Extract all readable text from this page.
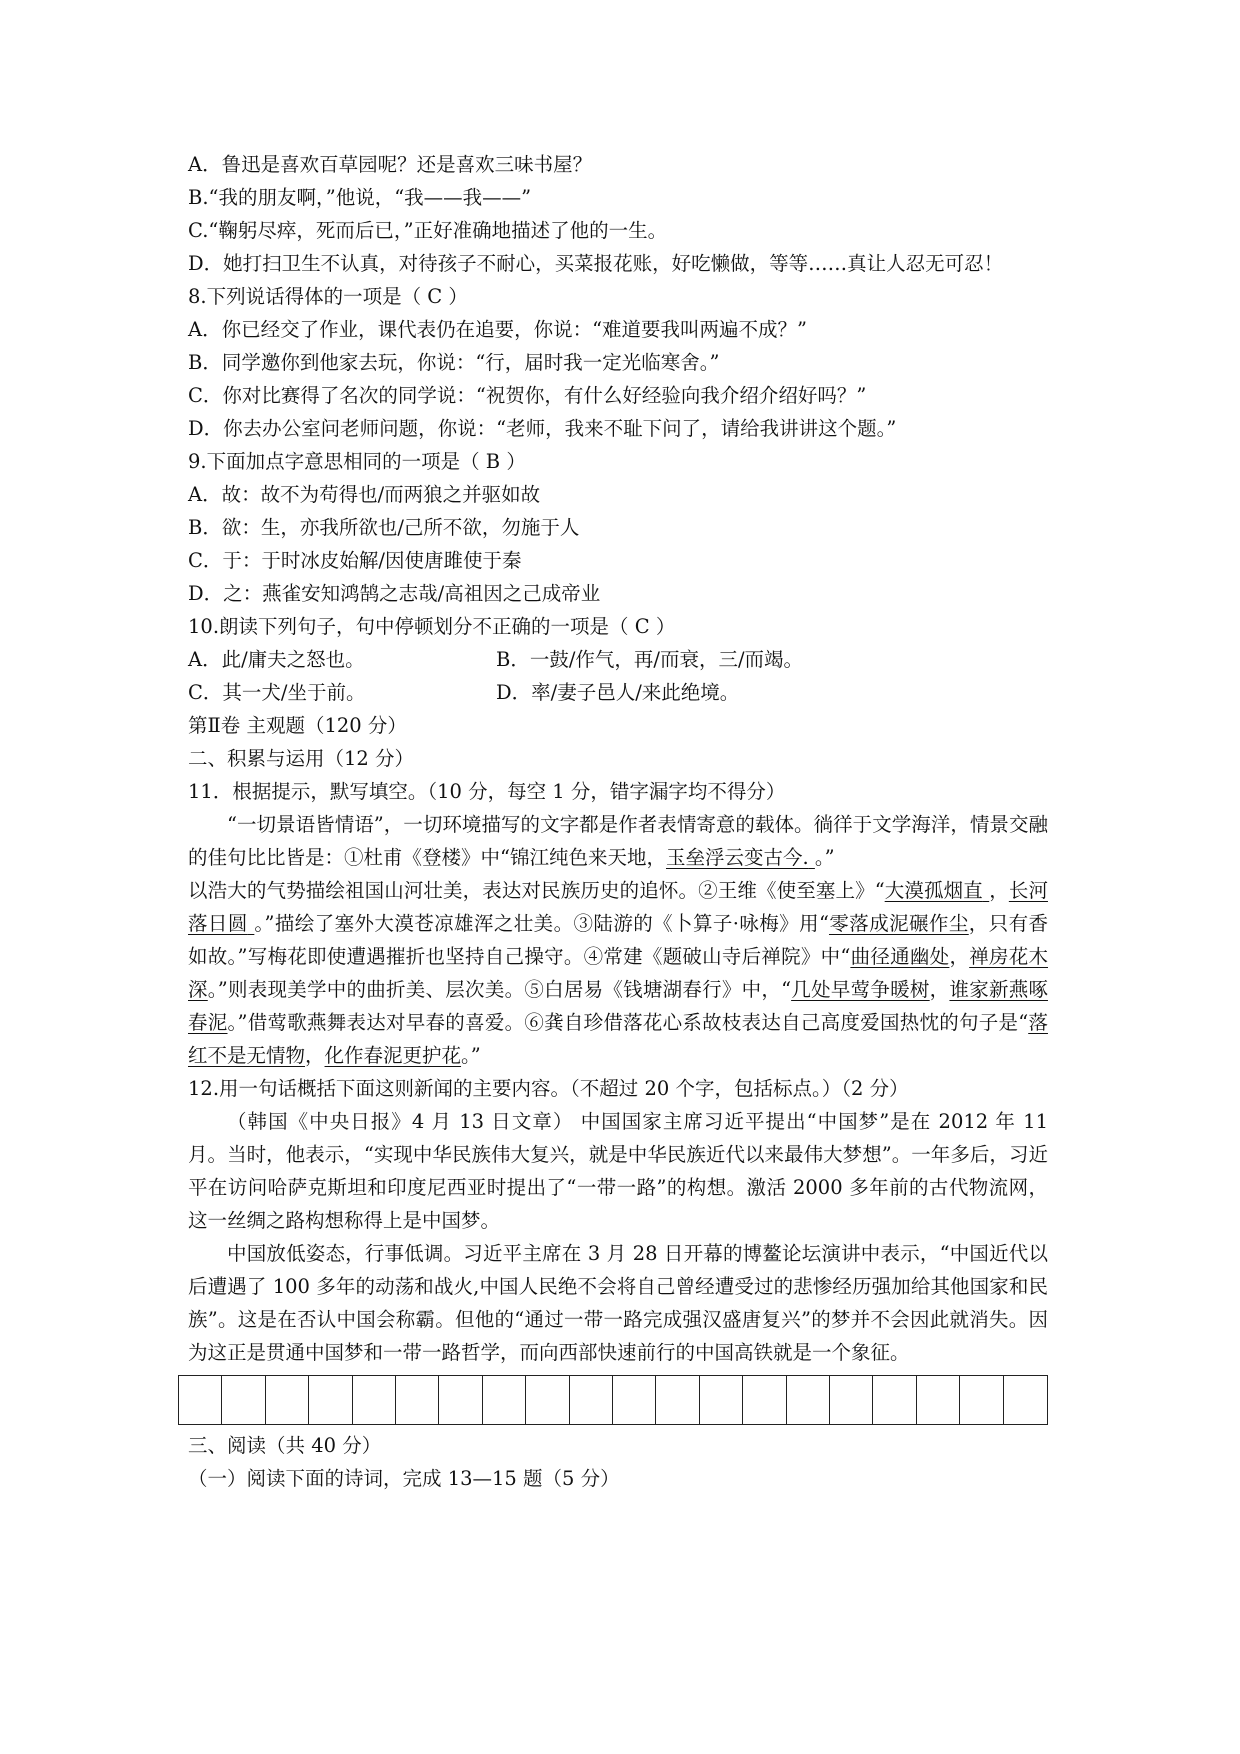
A．鲁迅是喜欢百草园呢？还是喜欢三味书屋？
B.“我的朋友啊，”他说，“我——我——”
C.“鞠躬尽瘁，死而后已，”正好准确地描述了他的一生。
D．她打扫卫生不认真，对待孩子不耐心，买菜报花账，好吃懒做，等等……真让人忍无可忍！
8.下列说话得体的一项是（ C ）
A．你已经交了作业，课代表仍在追要，你说：“难道要我叫两遍不成？”
B．同学邀你到他家去玩，你说：“行，届时我一定光临寒舍。”
C．你对比赛得了名次的同学说：“祝贺你，有什么好经验向我介绍介绍好吗？”
D．你去办公室问老师问题，你说：“老师，我来不耻下问了，请给我讲讲这个题。”
9.下面加点字意思相同的一项是（ B ）
A．故：故不为苟得也/而两狼之并驱如故
B．欲：生，亦我所欲也/己所不欲，勿施于人
C．于：于时冰皮始解/因使唐雎使于秦
D．之：燕雀安知鸿鹄之志哉/高祖因之己成帝业
10.朗读下列句子，句中停顿划分不正确的一项是（ C ）
A．此/庸夫之怒也。	B．一鼓/作气，再/而衰，三/而竭。
C．其一犬/坐于前。	D．率/妻子邑人/来此绝境。
第Ⅱ卷 主观题（120 分）
二、积累与运用（12 分）
11．根据提示，默写填空。（10 分，每空 1 分，错字漏字均不得分）
“一切景语皆情语”，一切环境描写的文字都是作者表情寄意的载体。徜徉于文学海洋，情景交融的佳句比比皆是：①杜甫《登楼》中“锦江纯色来天地，玉垒浮云变古今. 。”
以浩大的气势描绘祖国山河壮美，表达对民族历史的追怀。②王维《使至塞上》“大漠孤烟直 ，长河落日圆 。”描绘了塞外大漠苍凉雄浑之壮美。③陆游的《卜算子·咏梅》用“零落成泥碾作尘，只有香如故。”写梅花即使遭遇摧折也坚持自己操守。④常建《题破山寺后禅院》中“曲径通幽处，禅房花木深。”则表现美学中的曲折美、层次美。⑤白居易《钱塘湖春行》中，“几处早莺争暖树，谁家新燕啄春泥。”借莺歌燕舞表达对早春的喜爱。⑥龚自珍借落花心系故枝表达自己高度爱国热忱的句子是“落红不是无情物，化作春泥更护花。”
12.用一句话概括下面这则新闻的主要内容。（不超过 20 个字，包括标点。）（2 分）
（韩国《中央日报》4 月 13 日文章） 中国国家主席习近平提出“中国梦”是在 2012 年 11 月。当时，他表示，“实现中华民族伟大复兴，就是中华民族近代以来最伟大梦想”。一年多后，习近平在访问哈萨克斯坦和印度尼西亚时提出了“一带一路”的构想。激活 2000 多年前的古代物流网，这一丝绸之路构想称得上是中国梦。
中国放低姿态，行事低调。习近平主席在 3 月 28 日开幕的博鳌论坛演讲中表示，“中国近代以后遭遇了 100 多年的动荡和战火,中国人民绝不会将自己曾经遭受过的悲惨经历强加给其他国家和民族”。这是在否认中国会称霸。但他的“通过一带一路完成强汉盛唐复兴”的梦并不会因此就消失。因为这正是贯通中国梦和一带一路哲学，而向西部快速前行的中国高铁就是一个象征。
三、阅读（共 40 分）
（一）阅读下面的诗词，完成 13—15 题（5 分）
